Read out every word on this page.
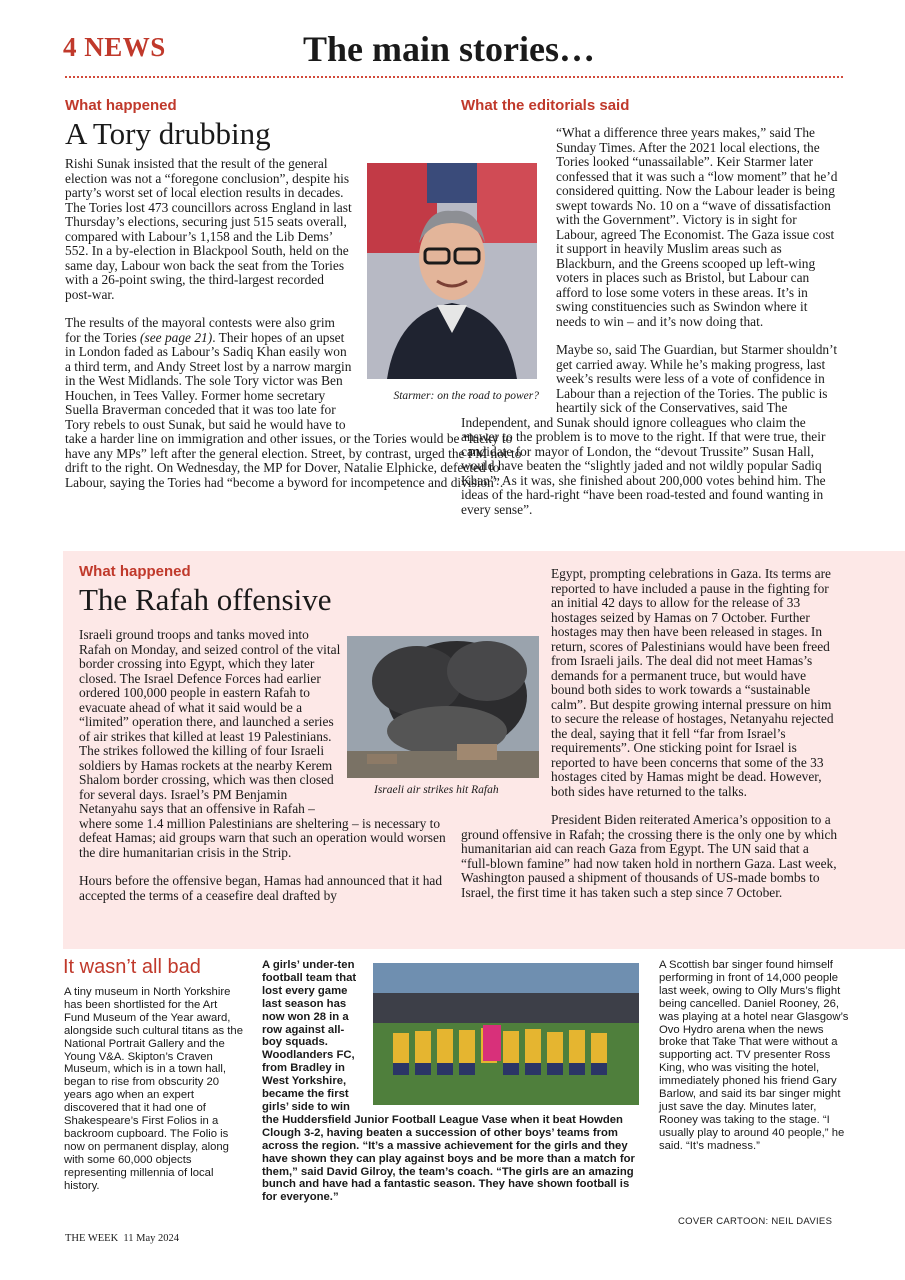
4 NEWS	The main stories…
What happened
A Tory drubbing
Starmer: on the road to power?

Rishi Sunak insisted that the result of the general election was not a “foregone conclusion”, despite his party’s worst set of local election results in decades. The Tories lost 473 councillors across England in last Thursday’s elections, securing just 515 seats overall, compared with Labour’s 1,158 and the Lib Dems’ 552. In a by-election in Blackpool South, held on the same day, Labour won back the seat from the Tories with a 26-point swing, the third-largest recorded post-war.

The results of the mayoral contests were also grim for the Tories (see page 21). Their hopes of an upset in London faded as Labour’s Sadiq Khan easily won a third term, and Andy Street lost by a narrow margin in the West Midlands. The sole Tory victor was Ben Houchen, in Tees Valley. Former home secretary Suella Braverman conceded that it was too late for Tory rebels to oust Sunak, but said he would have to take a harder line on immigration and other issues, or the Tories would be “lucky to have any MPs” left after the general election. Street, by contrast, urged the PM not to drift to the right. On Wednesday, the MP for Dover, Natalie Elphicke, defected to Labour, saying the Tories had “become a byword for incompetence and division”.

What the editorials said

“What a difference three years makes,” said The Sunday Times. After the 2021 local elections, the Tories looked “unassailable”. Keir Starmer later confessed that it was such a “low moment” that he’d considered quitting. Now the Labour leader is being swept towards No. 10 on a “wave of dissatisfaction with the Government”. Victory is in sight for Labour, agreed The Economist. The Gaza issue cost it support in heavily Muslim areas such as Blackburn, and the Greens scooped up left-wing voters in places such as Bristol, but Labour can afford to lose some voters in these areas. It’s in swing constituencies such as Swindon where it needs to win – and it’s now doing that.

Maybe so, said The Guardian, but Starmer shouldn’t get carried away. While he’s making progress, last week’s results were less of a vote of confidence in Labour than a rejection of the Tories. The public is heartily sick of the Conservatives, said The Independent, and Sunak should ignore colleagues who claim the answer to the problem is to move to the right. If that were true, their candidate for mayor of London, the “devout Trussite” Susan Hall, would have beaten the “slightly jaded and not wildly popular Sadiq Khan”. As it was, she finished about 200,000 votes behind him. The ideas of the hard-right “have been road-tested and found wanting in every sense”.

What happened
The Rafah offensive

Israeli ground troops and tanks moved into Rafah on Monday, and seized control of the vital border crossing into Egypt, which they later closed. The Israel Defence Forces had earlier ordered 100,000 people in eastern Rafah to evacuate ahead of what it said would be a “limited” operation there, and launched a series of air strikes that killed at least 19 Palestinians. The strikes followed the killing of four Israeli soldiers by Hamas rockets at the nearby Kerem Shalom border crossing, which was then closed for several days. Israel’s PM Benjamin Netanyahu says that an offensive in Rafah – where some 1.4 million Palestinians are sheltering – is necessary to defeat Hamas; aid groups warn that such an operation would worsen the dire humanitarian crisis in the Strip.

Hours before the offensive began, Hamas had announced that it had accepted the terms of a ceasefire deal drafted by

Egypt, prompting celebrations in Gaza. Its terms are reported to have included a pause in the fighting for an initial 42 days to allow for the release of 33 hostages seized by Hamas on 7 October. Further hostages may then have been released in stages. In return, scores of Palestinians would have been freed from Israeli jails. The deal did not meet Hamas’s demands for a permanent truce, but would have bound both sides to work towards a “sustainable calm”. But despite growing internal pressure on him to secure the release of hostages, Netanyahu rejected the deal, saying that it fell “far from Israel’s requirements”. One sticking point for Israel is reported to have been concerns that some of the 33 hostages cited by Hamas might be dead. However, both sides have returned to the talks.

President Biden reiterated America’s opposition to a ground offensive in Rafah; the crossing there is the only one by which humanitarian aid can reach Gaza from Egypt. The UN said that a “full-blown famine” had now taken hold in northern Gaza. Last week, Washington paused a shipment of thousands of US-made bombs to Israel, the first time it has taken such a step since 7 October.

Israeli air strikes hit Rafah
It wasn’t all bad
A tiny museum in North Yorkshire has been shortlisted for the Art Fund Museum of the Year award, alongside such cultural titans as the National Portrait Gallery and the Young V&A. Skipton’s Craven Museum, which is in a town hall, began to rise from obscurity 20 years ago when an expert discovered that it had one of Shakespeare’s First Folios in a backroom cupboard. The Folio is now on permanent display, along with some 60,000 objects representing millennia of local history.
A girls’ under-ten football team that lost every game last season has now won 28 in a row against all-boy squads. Woodlanders FC, from Bradley in West Yorkshire, became the first girls’ side to win the Huddersfield Junior Football League Vase when it beat Howden Clough 3-2, having beaten a succession of other boys’ teams from across the region. “It’s a massive achievement for the girls and they have shown they can play against boys and be more than a match for them,” said David Gilroy, the team’s coach. “The girls are an amazing bunch and have had a fantastic season. They have shown football is for everyone.”
A Scottish bar singer found himself performing in front of 14,000 people last week, owing to Olly Murs’s flight being cancelled. Daniel Rooney, 26, was playing at a hotel near Glasgow’s Ovo Hydro arena when the news broke that Take That were without a supporting act. TV presenter Ross King, who was visiting the hotel, immediately phoned his friend Gary Barlow, and said its bar singer might just save the day. Minutes later, Rooney was taking to the stage. “I usually play to around 40 people,” he said. “It’s madness.”
COVER CARTOON: NEIL DAVIES
THE WEEK  11 May 2024
